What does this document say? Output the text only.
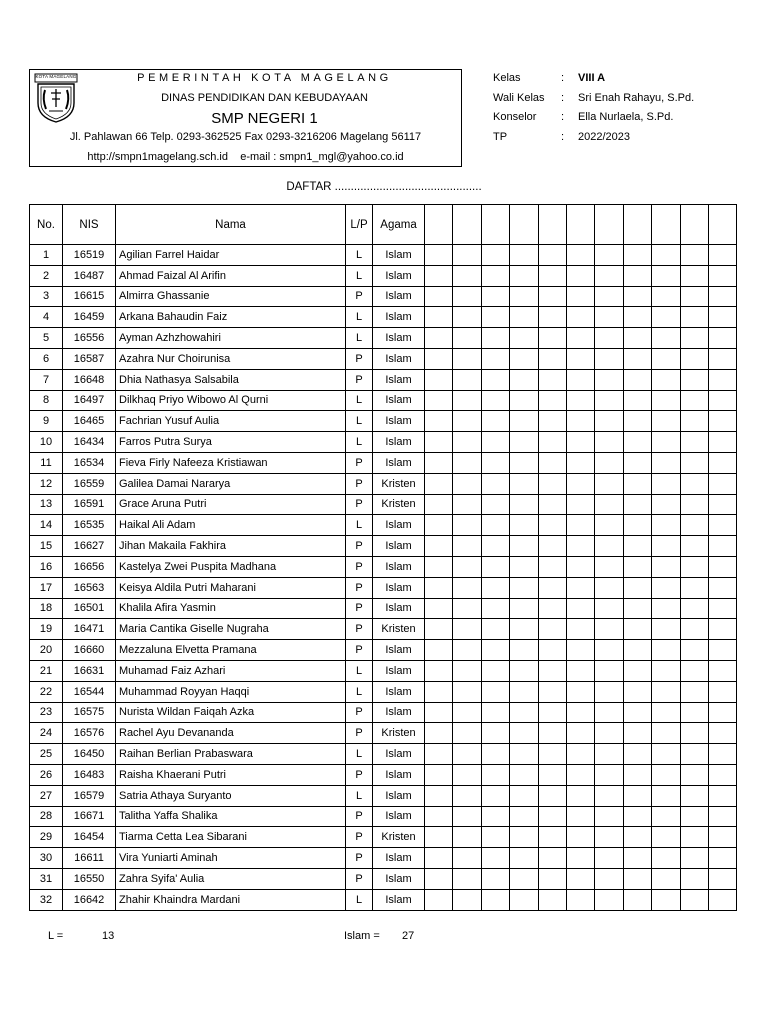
KOTA MAGELANG	PEMERINTAH KOTA MAGELANG
DINAS PENDIDIKAN DAN KEBUDAYAAN
SMP NEGERI 1
Jl. Pahlawan 66 Telp. 0293-362525 Fax 0293-3216206 Magelang 56117
http://smpn1magelang.sch.id e-mail : smpn1_mgl@yahoo.co.id
Kelas	: VIII A
Wali Kelas : Sri Enah Rahayu, S.Pd.
Konselor : Ella Nurlaela, S.Pd.
TP	: 2022/2023
DAFTAR ..............................................
No.	NIS	Nama	L/P	Agama											
1	16519	Agilian Farrel Haidar	L	Islam											
2	16487	Ahmad Faizal Al Arifin	L	Islam											
3	16615	Almirra Ghassanie	P	Islam											
4	16459	Arkana Bahaudin Faiz	L	Islam											
5	16556	Ayman Azhzhowahiri	L	Islam											
6	16587	Azahra Nur Choirunisa	P	Islam											
7	16648	Dhia Nathasya Salsabila	P	Islam											
8	16497	Dilkhaq Priyo Wibowo Al Qurni	L	Islam											
9	16465	Fachrian Yusuf Aulia	L	Islam											
10	16434	Farros Putra Surya	L	Islam											
11	16534	Fieva Firly Nafeeza Kristiawan	P	Islam											
12	16559	Galilea Damai Nararya	P	Kristen											
13	16591	Grace Aruna Putri	P	Kristen											
14	16535	Haikal Ali Adam	L	Islam											
15	16627	Jihan Makaila Fakhira	P	Islam											
16	16656	Kastelya Zwei Puspita Madhana	P	Islam											
17	16563	Keisya Aldila Putri Maharani	P	Islam											
18	16501	Khalila Afira Yasmin	P	Islam											
19	16471	Maria Cantika Giselle Nugraha	P	Kristen											
20	16660	Mezzaluna Elvetta Pramana	P	Islam											
21	16631	Muhamad Faiz Azhari	L	Islam											
22	16544	Muhammad Royyan Haqqi	L	Islam											
23	16575	Nurista Wildan Faiqah Azka	P	Islam											
24	16576	Rachel Ayu Devananda	P	Kristen											
25	16450	Raihan Berlian Prabaswara	L	Islam											
26	16483	Raisha Khaerani Putri	P	Islam											
27	16579	Satria Athaya Suryanto	L	Islam											
28	16671	Talitha Yaffa Shalika	P	Islam											
29	16454	Tiarma Cetta Lea Sibarani	P	Kristen											
30	16611	Vira Yuniarti Aminah	P	Islam											
31	16550	Zahra Syifa' Aulia	P	Islam											
32	16642	Zhahir Khaindra Mardani	L	Islam											
L =	13	Islam = 27
